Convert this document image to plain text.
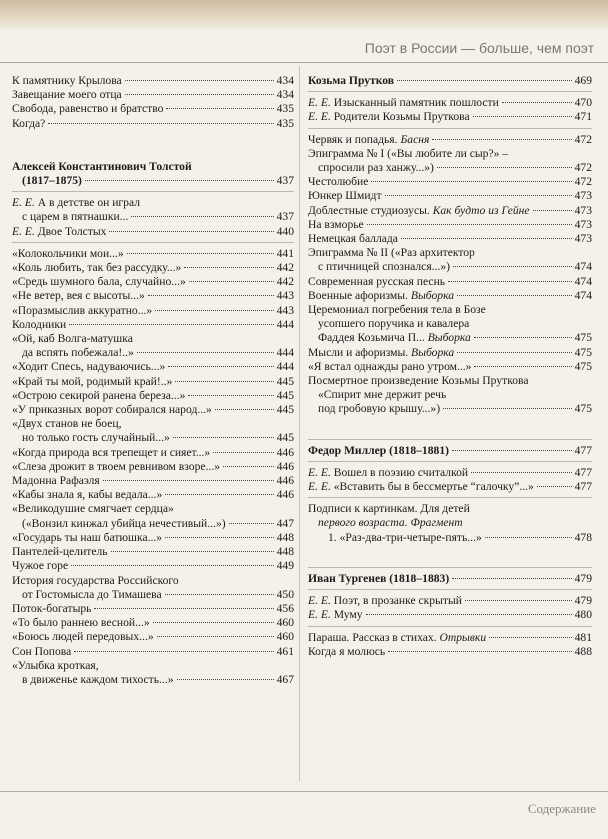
Поэт в России — больше, чем поэт
К памятнику Крылова	434
Завещание моего отца	434
Свобода, равенство и братство	435
Когда?	435
Алексей Константинович Толстой
(1817–1875)	437
Е. Е. А в детстве он играл
с царем в пятнашки...	437
Е. Е. Двое Толстых	440
«Колокольчики мои...»	441
«Коль любить, так без рассудку...»	442
«Средь шумного бала, случайно...»	442
«Не ветер, вея с высоты...»	443
«Поразмыслив аккуратно...»	443
Колодники	444
«Ой, каб Волга-матушка
да вспять побежала!..»	444
«Ходит Спесь, надуваючись...»	444
«Край ты мой, родимый край!..»	445
«Острою секирой ранена береза...»	445
«У приказных ворот собирался народ...»	445
«Двух станов не боец,
но только гость случайный...»	445
«Когда природа вся трепещет и сияет...»	446
«Слеза дрожит в твоем ревнивом взоре...»	446
Мадонна Рафаэля	446
«Кабы знала я, кабы ведала...»	446
«Великодушие смягчает сердца»
(«Вонзил кинжал убийца нечестивый...»)	447
«Государь ты наш батюшка...»	448
Пантелей-целитель	448
Чужое горе	449
История государства Российского
от Гостомысла до Тимашева	450
Поток-богатырь	456
«То было раннею весной...»	460
«Боюсь людей передовых...»	460
Сон Попова	461
«Улыбка кроткая,
в движенье каждом тихость...»	467
Козьма Прутков	469
Е. Е. Изысканный памятник пошлости	470
Е. Е. Родители Козьмы Пруткова	471
Червяк и попадья. Басня	472
Эпиграмма № I («Вы любите ли сыр?» –
спросили раз ханжу...»)	472
Честолюбие	472
Юнкер Шмидт	473
Доблестные студиозусы. Как будто из Гейне	473
На взморье	473
Немецкая баллада	473
Эпиграмма № II («Раз архитектор
с птичницей спознался...»)	474
Современная русская песнь	474
Военные афоризмы. Выборка	474
Церемониал погребения тела в Бозе
усопшего поручика и кавалера
Фаддея Козьмича П... Выборка	475
Мысли и афоризмы. Выборка	475
«Я встал однажды рано утром...»	475
Посмертное произведение Козьмы Пруткова
«Спирит мне держит речь
под гробовую крышу...»)	475
Федор Миллер (1818–1881)	477
Е. Е. Вошел в поэзию считалкой	477
Е. Е. «Вставить бы в бессмертье “галочку”...»	477
Подписи к картинкам. Для детей
первого возраста. Фрагмент
1. «Раз-два-три-четыре-пять...»	478
Иван Тургенев (1818–1883)	479
Е. Е. Поэт, в прозанке скрытый	479
Е. Е. Муму	480
Параша. Рассказ в стихах. Отрывки	481
Когда я молюсь	488
Содержание
